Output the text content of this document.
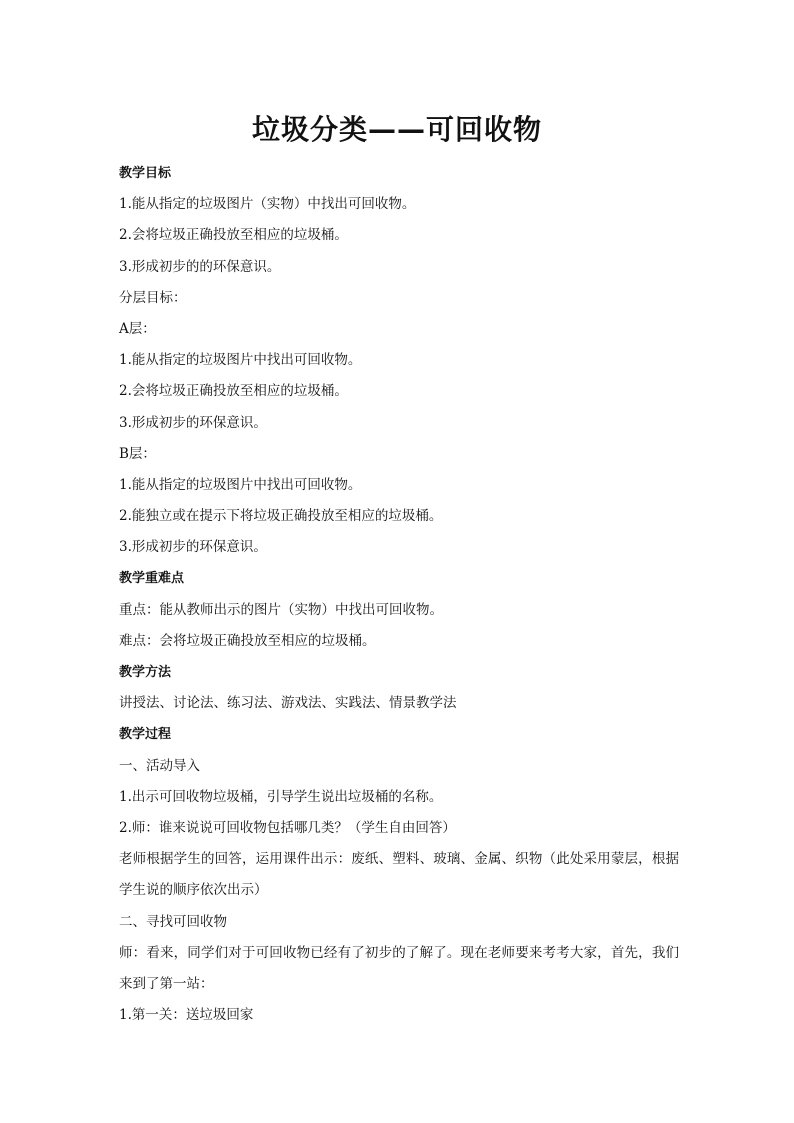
垃圾分类——可回收物
教学目标
1.能从指定的垃圾图片（实物）中找出可回收物。
2.会将垃圾正确投放至相应的垃圾桶。
3.形成初步的的环保意识。
分层目标：
A层：
1.能从指定的垃圾图片中找出可回收物。
2.会将垃圾正确投放至相应的垃圾桶。
3.形成初步的环保意识。
B层：
1.能从指定的垃圾图片中找出可回收物。
2.能独立或在提示下将垃圾正确投放至相应的垃圾桶。
3.形成初步的环保意识。
教学重难点
重点：能从教师出示的图片（实物）中找出可回收物。
难点：会将垃圾正确投放至相应的垃圾桶。
教学方法
讲授法、讨论法、练习法、游戏法、实践法、情景教学法
教学过程
一、活动导入
1.出示可回收物垃圾桶，引导学生说出垃圾桶的名称。
2.师：谁来说说可回收物包括哪几类？（学生自由回答）
老师根据学生的回答，运用课件出示：废纸、塑料、玻璃、金属、织物（此处采用蒙层，根据学生说的顺序依次出示）
二、寻找可回收物
师：看来，同学们对于可回收物已经有了初步的了解了。现在老师要来考考大家，首先，我们来到了第一站：
1.第一关：送垃圾回家
